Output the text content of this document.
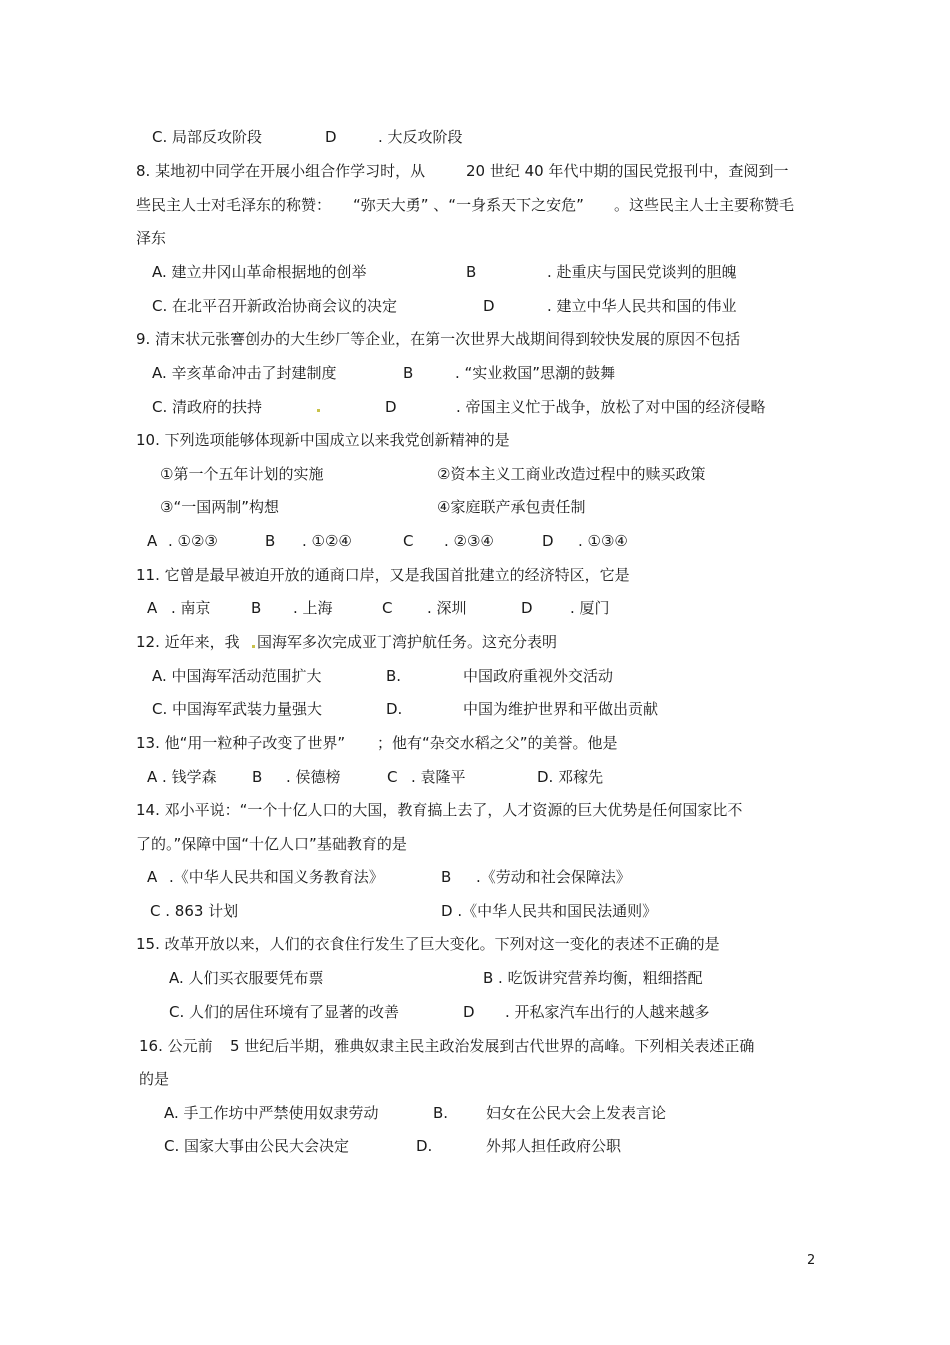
C. 局部反攻阶段	D	. 大反攻阶段
8. 某地初中同学在开展小组合作学习时，从	20 世纪 40 年代中期的国民党报刊中，查阅到一
些民主人士对毛泽东的称赞： “弥天大勇” 、“一身系天下之安危” 。这些民主人士主要称赞毛
泽东
A. 建立井冈山革命根据地的创举	B	. 赴重庆与国民党谈判的胆魄
C. 在北平召开新政治协商会议的决定	D	. 建立中华人民共和国的伟业
9. 清末状元张謇创办的大生纱厂等企业，在第一次世界大战期间得到较快发展的原因不包括
A. 辛亥革命冲击了封建制度	B	. “实业救国”思潮的鼓舞
C. 清政府的扶持	D	. 帝国主义忙于战争，放松了对中国的经济侵略
10. 下列选项能够体现新中国成立以来我党创新精神的是
①第一个五年计划的实施	②资本主义工商业改造过程中的赎买政策
③“一国两制”构想	④家庭联产承包责任制
A . ①②③	B . ①②④	C . ②③④	D . ①③④
11. 它曾是最早被迫开放的通商口岸，又是我国首批建立的经济特区，它是
A . 南京	B . 上海	C . 深圳	D . 厦门
12. 近年来，我 国海军多次完成亚丁湾护航任务。这充分表明
A. 中国海军活动范围扩大	B.	中国政府重视外交活动
C. 中国海军武装力量强大	D.	中国为维护世界和平做出贡献
13. 他“用一粒种子改变了世界” ；他有“杂交水稻之父”的美誉。他是
A . 钱学森 B . 侯德榜	C . 袁隆平	D. 邓稼先
14. 邓小平说：“一个十亿人口的大国，教育搞上去了，人才资源的巨大优势是任何国家比不
了的。”保障中国“十亿人口”基础教育的是
A .《中华人民共和国义务教育法》	B .《劳动和社会保障法》
C . 863 计划	D .《中华人民共和国民法通则》
15. 改革开放以来，人们的衣食住行发生了巨大变化。下列对这一变化的表述不正确的是
A. 人们买衣服要凭布票	B . 吃饭讲究营养均衡，粗细搭配
C. 人们的居住环境有了显著的改善	D . 开私家汽车出行的人越来越多
16. 公元前 5 世纪后半期，雅典奴隶主民主政治发展到古代世界的高峰。下列相关表述正确
的是
A. 手工作坊中严禁使用奴隶劳动	B.	妇女在公民大会上发表言论
C. 国家大事由公民大会决定	D.	外邦人担任政府公职
2
